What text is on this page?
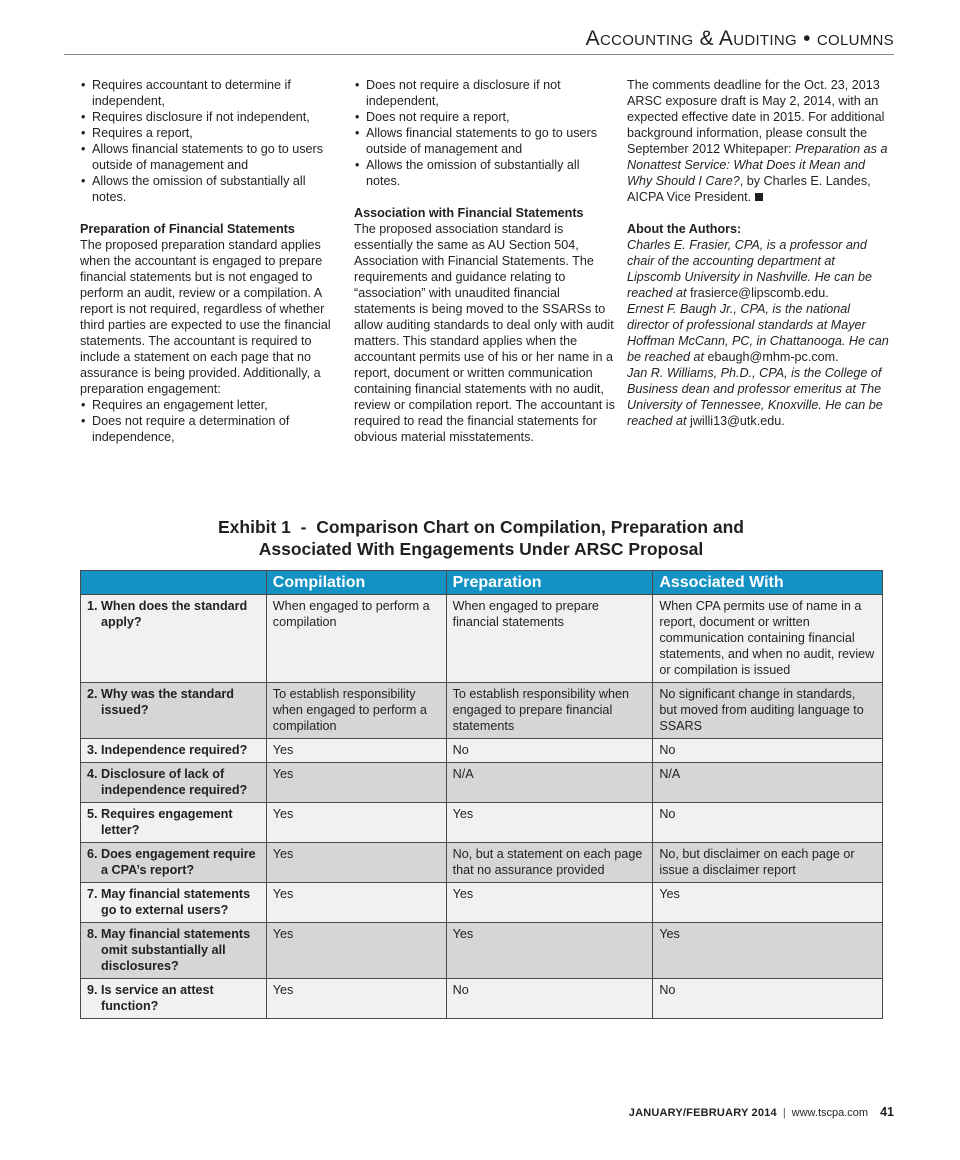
Accounting & Auditing • columns
• Requires accountant to determine if independent,
• Requires disclosure if not independent,
• Requires a report,
• Allows financial statements to go to users outside of management and
• Allows the omission of substantially all notes.
Preparation of Financial Statements

The proposed preparation standard applies when the accountant is engaged to prepare financial statements but is not engaged to perform an audit, review or a compilation. A report is not required, regardless of whether third parties are expected to use the financial statements. The accountant is required to include a statement on each page that no assurance is being provided. Additionally, a preparation engagement:

• Requires an engagement letter,
• Does not require a determination of independence,
• Does not require a disclosure if not independent,
• Does not require a report,
• Allows financial statements to go to users outside of management and
• Allows the omission of substantially all notes.
Association with Financial Statements

The proposed association standard is essentially the same as AU Section 504, Association with Financial Statements. The requirements and guidance relating to “association” with unaudited financial statements is being moved to the SSARSs to allow auditing standards to deal only with audit matters. This standard applies when the accountant permits use of his or her name in a report, document or written communication containing financial statements with no audit, review or compilation report. The accountant is required to read the financial statements for obvious material misstatements.

The comments deadline for the Oct. 23, 2013 ARSC exposure draft is May 2, 2014, with an expected effective date in 2015. For additional background information, please consult the September 2012 Whitepaper: Preparation as a Nonattest Service: What Does it Mean and Why Should I Care?, by Charles E. Landes, AICPA Vice President.

About the Authors:

Charles E. Frasier, CPA, is a professor and chair of the accounting department at Lipscomb University in Nashville. He can be reached at frasierce@lipscomb.edu.

Ernest F. Baugh Jr., CPA, is the national director of professional standards at Mayer Hoffman McCann, PC, in Chattanooga. He can be reached at ebaugh@mhm-pc.com.

Jan R. Williams, Ph.D., CPA, is the College of Business dean and professor emeritus at The University of Tennessee, Knoxville. He can be reached at jwilli13@utk.edu.

Exhibit 1  -  Comparison Chart on Compilation, Preparation and
Associated With Engagements Under ARSC Proposal
	Compilation	Preparation	Associated With

1. When does the standard apply?	When engaged to perform a compilation	When engaged to prepare financial statements	When CPA permits use of name in a report, document or written communication containing financial statements, and when no audit, review or compilation is issued

2. Why was the standard issued?	To establish responsibility when engaged to perform a compilation	To establish responsibility when engaged to prepare financial statements	No significant change in standards, but moved from auditing language to SSARS

3. Independence required?	Yes	No	No

4. Disclosure of lack of independence required?	Yes	N/A	N/A

5. Requires engagement letter?	Yes	Yes	No

6. Does engagement require a CPA’s report?	Yes	No, but a statement on each page that no assurance provided	No, but disclaimer on each page or issue a disclaimer report

7. May financial statements go to external users?	Yes	Yes	Yes

8. May financial statements omit substantially all disclosures?	Yes	Yes	Yes

9. Is service an attest function?	Yes	No	No
JANUARY/FEBRUARY 2014 | www.tscpa.com 41
